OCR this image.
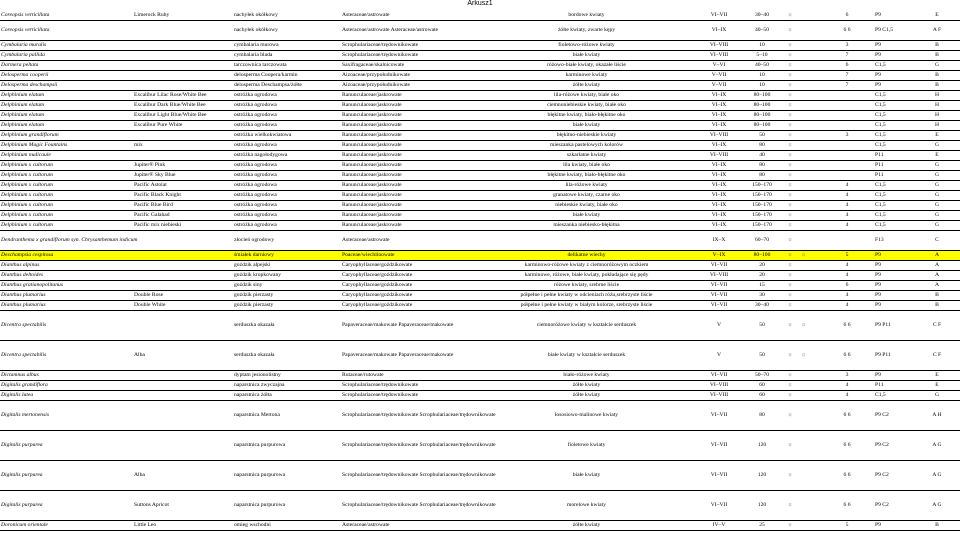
Arkusz1
Coreopsis verticillata	Limerock Ruby	nachyłek okółkowy	Asteraceae/astrowate	bordowe kwiaty	VI–VII	30–40	☼		6	P9	E
Coreopsis verticillata		nachyłek okółkowy	Asteraceae/astrowate Asteraceae/astrowate	żółte kwiaty, zwarte kępy	VI–IX	40–50	☼		6 6	P9 C1,5	A F
Cymbalaria muralis		cymbalaria murowa	Scrophulariaceae/trędownikowate	fioletowo-różowe kwiaty	VI–VIII	10	☼		3	P9	B
Cymbalaria pallida		cymbalaria blada	Scrophulariaceae/trędownikowate	białe kwiaty	VI–VIII	5–10	☼		7	P9	B
Darmera peltata		tarczownica tarczowata	Saxifragaceae/skalnicowate	różowo-białe kwiaty, okazałe liście	V–VI	40–50	☼		6	C1,5	G
Delosperma cooperii		delosperma Coopera/karmin	Aizoaceae/przypołudnikowate	karminowe kwiaty	V–VII	10	☼		7	P9	B
Delosperma deschampsii		delosperma Deschampsa/żółte	Aizoaceae/przypołudnikowate	żółte kwiaty	V–VII	10	☼		7	P9	B
Delphinium elatum	Excalibur Lilac Rose/White Bee	ostróżka ogrodowa	Ranunculaceae/jaskrowate	lila-różowe kwiaty, białe oko	VI–IX	80–100	☼			C1,5	H
Delphinium elatum	Excalibur Dark Blue/White Bee	ostróżka ogrodowa	Ranunculaceae/jaskrowate	ciemnoniebieskie kwiaty, białe oko	VI–IX	80–100	☼			C1,5	H
Delphinium elatum	Excalibur Light Blue/White Bee	ostróżka ogrodowa	Ranunculaceae/jaskrowate	błękitne kwiaty, biało-błękitne oko	VI–IX	80–100	☼			C1,5	H
Delphinium elatum	Excalibur Pure White	ostróżka ogrodowa	Ranunculaceae/jaskrowate	białe kwiaty	VI–IX	80–100	☼			C1,5	H
Delphinium grandiflorum		ostróżka wielkokwiatowa	Ranunculaceae/jaskrowate	błękitno-niebieskie kwiaty	VI–VIII	50	☼		3	C1,5	E
Delphinium Magic Fountains	mix	ostróżka ogrodowa	Ranunculaceae/jaskrowate	mieszanka pastelowych kolorów	VI–IX	80	☼			C1,5	G
Delphinium nudicaule		ostróżka nagołodygowa	Ranunculaceae/jaskrowate	szkarłatne kwiaty	VI–VIII	40	☼			P11	E
Delphinium x cultorum	Jupiter® Pink	ostróżka ogrodowa	Ranunculaceae/jaskrowate	lila kwiaty, białe oko	VI–IX	80	☼			P11	G
Delphinium x cultorum	Jupiter® Sky Blue	ostróżka ogrodowa	Ranunculaceae/jaskrowate	błękitne kwiaty, biało-błękitne oko	VI–IX	80	☼			P11	G
Delphinium x cultorum	Pacific Astolat	ostróżka ogrodowa	Ranunculaceae/jaskrowate	lila-różowe kwiaty	VI–IX	150–170	☼		4	C1,5	G
Delphinium x cultorum	Pacific Black Knight	ostróżka ogrodowa	Ranunculaceae/jaskrowate	granatowe kwiaty, czarne oko	VI–IX	150–170	☼		4	C1,5	G
Delphinium x cultorum	Pacific Blue Bird	ostróżka ogrodowa	Ranunculaceae/jaskrowate	niebieskie kwiaty, białe oko	VI–IX	150–170	☼		4	C1,5	G
Delphinium x cultorum	Pacific Galahad	ostróżka ogrodowa	Ranunculaceae/jaskrowate	białe kwiaty	VI–IX	150–170	☼		4	C1,5	G
Delphinium x cultorum	Pacific mix niebieski	ostróżka ogrodowa	Ranunculaceae/jaskrowate	mieszanka niebiesko-błękitna	VI–IX	150–170	☼		4	C1,5	G
Dendranthema x grandiflorum syn. Chrysanthemum indicum		złocień ogrodowy	Asteraceae/astrowate		IX–X	60–70	☼			F13	C
Deschampsia cespitosa		śmiałek darniowy	Poaceae/wiechlinowate	delikatne wiechy	V–IX	80–100	☼	☼	5	P9	A
Dianthus alpinus		goździk alpejski	Caryophyllaceae/goździkowate	karminowo-różowe kwiaty z ciemnoróżowym oczkiem	VI–VII	20	☼		4	P9	A
Dianthus deltoides		goździk kropkowany	Caryophyllaceae/goździkowate	karminowe, różowe, białe kwiaty, pokładające się pędy	VI–VIII	20	☼		4	P9	A
Dianthus gratianopolitanus		goździk siny	Caryophyllaceae/goździkowate	różowe kwiaty, srebrne liście	VI–VII	15	☼		6	P9	A
Dianthus plumarius	Double Rose	goździk pierzasty	Caryophyllaceae/goździkowate	półpełne i pełne kwiaty w odcieniach różu,srebrzyste liście	VI–VII	30	☼		4	P9	B
Dianthus plumarius	Double White	goździk pierzasty	Caryophyllaceae/goździkowate	półpełne i pełne kwiaty w białym kolorze, srebrzyste liście	VI–VII	30–40	☼		4	P9	B
Dicentra spectabilis		serduszka okazała	Papaveraceae/makowate Papaveraceae/makowate	ciemnoróżowe kwiaty w kształcie serduszek	V	50	☼	☼	6 6	P9 P11	C F
Dicentra spectabilis	Alba	serduszka okazała	Papaveraceae/makowate Papaveraceae/makowate	białe kwiaty w kształcie serduszek	V	50	☼	☼	6 6	P9 P11	C F
Dictamnus albus		dyptam jesionolistny	Rutaceae/rutowate	biało-różowe kwiaty	VI–VII	50–70	☼		3	P9	E
Digitalis grandiflora		naparstnica zwyczajna	Scrophulariaceae/trędownikowate	żółte kwiaty	VI–VIII	60	☼		4	P11	E
Digitalis lutea		naparstnica żółta	Scrophulariaceae/trędownikowate	żółte kwiaty	VI–VIII	60	☼		4	C1,5	G
Digitalis mertonensis		naparstnica Mertona	Scrophulariaceae/trędownikowate Scrophulariaceae/trędownikowate	łososiowo-malinowe kwiaty	VI–VII	80	☼		6 6	P9 C2	A H
Digitalis purpurea		naparstnica purpurowa	Scrophulariaceae/trędownikowate Scrophulariaceae/trędownikowate	fioletowe kwiaty	VI–VII	120	☼		6 6	P9 C2	A G
Digitalis purpurea	Alba	naparstnica purpurowa	Scrophulariaceae/trędownikowate Scrophulariaceae/trędownikowate	białe kwiaty	VI–VII	120	☼		6 6	P9 C2	A G
Digitalis purpurea	Suttons Apricot	naparstnica purpurowa	Scrophulariaceae/trędownikowate Scrophulariaceae/trędownikowate	morelowe kwiaty	VI–VII	120	☼		6 6	P9 C2	A G
Doronicum orientale	Little Leo	omieg wschodni	Asteraceae/astrowate	żółte kwiaty	IV–V	25	☼		5	P9	B
